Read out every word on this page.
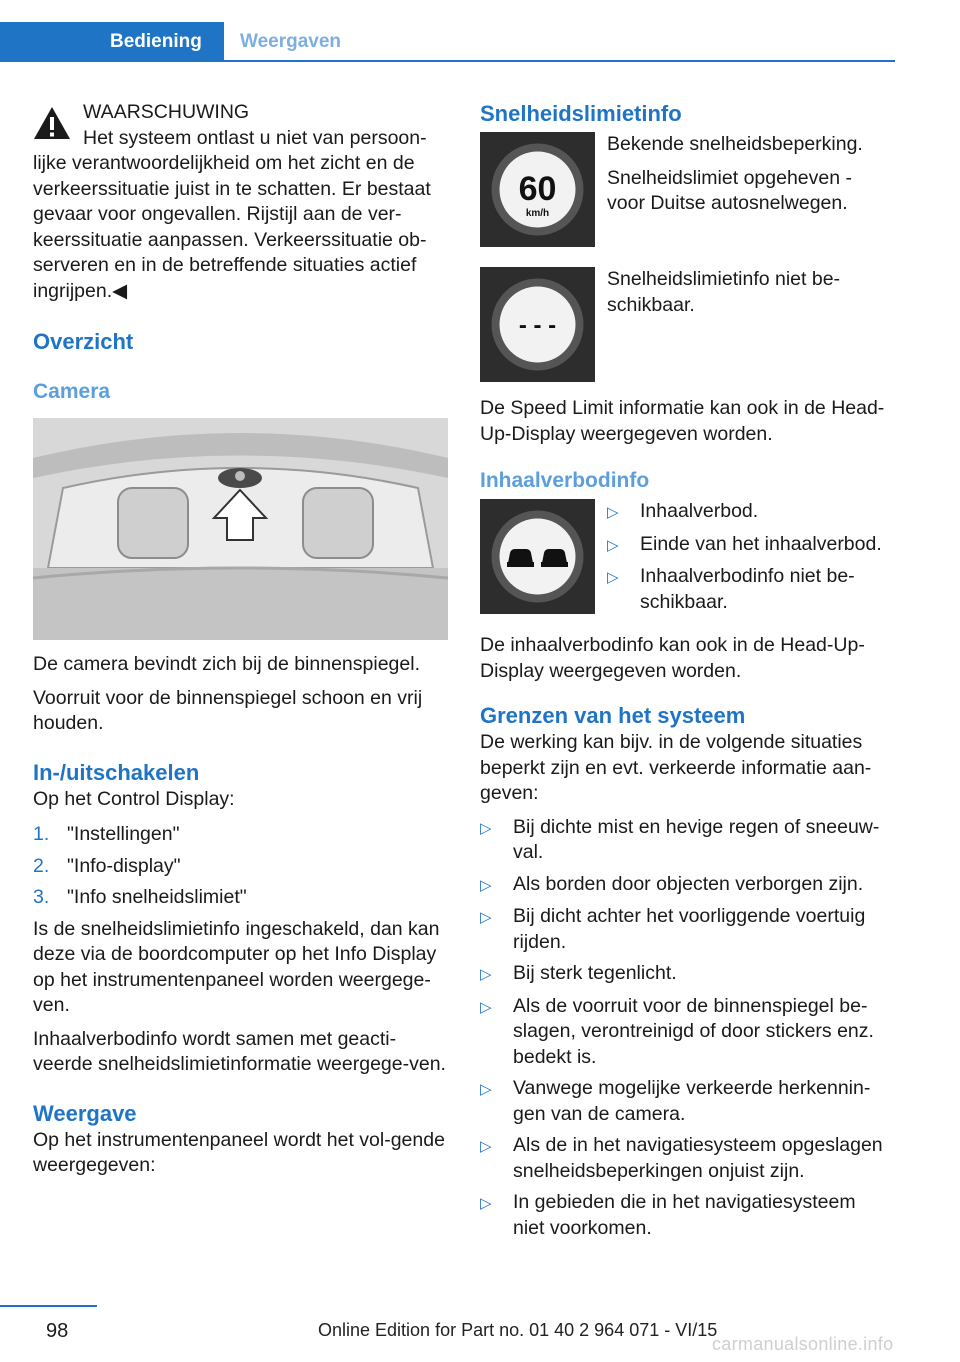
Bediening Weergaven
WAARSCHUWING
Het systeem ontlast u niet van persoon-
lijke verantwoordelijkheid om het zicht en de verkeerssituatie juist in te schatten. Er bestaat gevaar voor ongevallen. Rijstijl aan de ver-keerssituatie aanpassen. Verkeerssituatie ob-serveren en in de betreffende situaties actief ingrijpen.◀
Overzicht
Camera
De camera bevindt zich bij de binnenspiegel.
Voorruit voor de binnenspiegel schoon en vrij houden.
In-/uitschakelen
Op het Control Display:
1. "Instellingen"
2. "Info-display"
3. "Info snelheidslimiet"
Is de snelheidslimietinfo ingeschakeld, dan kan deze via de boordcomputer op het Info Display op het instrumentenpaneel worden weergege-ven.
Inhaalverbodinfo wordt samen met geacti-veerde snelheidslimietinformatie weergege-ven.
Weergave
Op het instrumentenpaneel wordt het vol-gende weergegeven:
Snelheidslimietinfo
60
km/h
Bekende snelheidsbeperking.
Snelheidslimiet opgeheven - voor Duitse autosnelwegen.
- - -
Snelheidslimietinfo niet be-schikbaar.
De Speed Limit informatie kan ook in de Head-Up-Display weergegeven worden.
Inhaalverbodinfo
▷	Inhaalverbod.
▷	Einde van het inhaalverbod.
▷	Inhaalverbodinfo niet be-schikbaar.
De inhaalverbodinfo kan ook in de Head-Up-Display weergegeven worden.
Grenzen van het systeem
De werking kan bijv. in de volgende situaties beperkt zijn en evt. verkeerde informatie aan-geven:
▷	Bij dichte mist en hevige regen of sneeuw-val.
▷	Als borden door objecten verborgen zijn.
▷	Bij dicht achter het voorliggende voertuig rijden.
▷	Bij sterk tegenlicht.
▷	Als de voorruit voor de binnenspiegel be-slagen, verontreinigd of door stickers enz. bedekt is.
▷	Vanwege mogelijke verkeerde herkennin-gen van de camera.
▷	Als de in het navigatiesysteem opgeslagen snelheidsbeperkingen onjuist zijn.
▷	In gebieden die in het navigatiesysteem niet voorkomen.
98	Online Edition for Part no. 01 40 2 964 071 - VI/15
carmanualsonline.info
